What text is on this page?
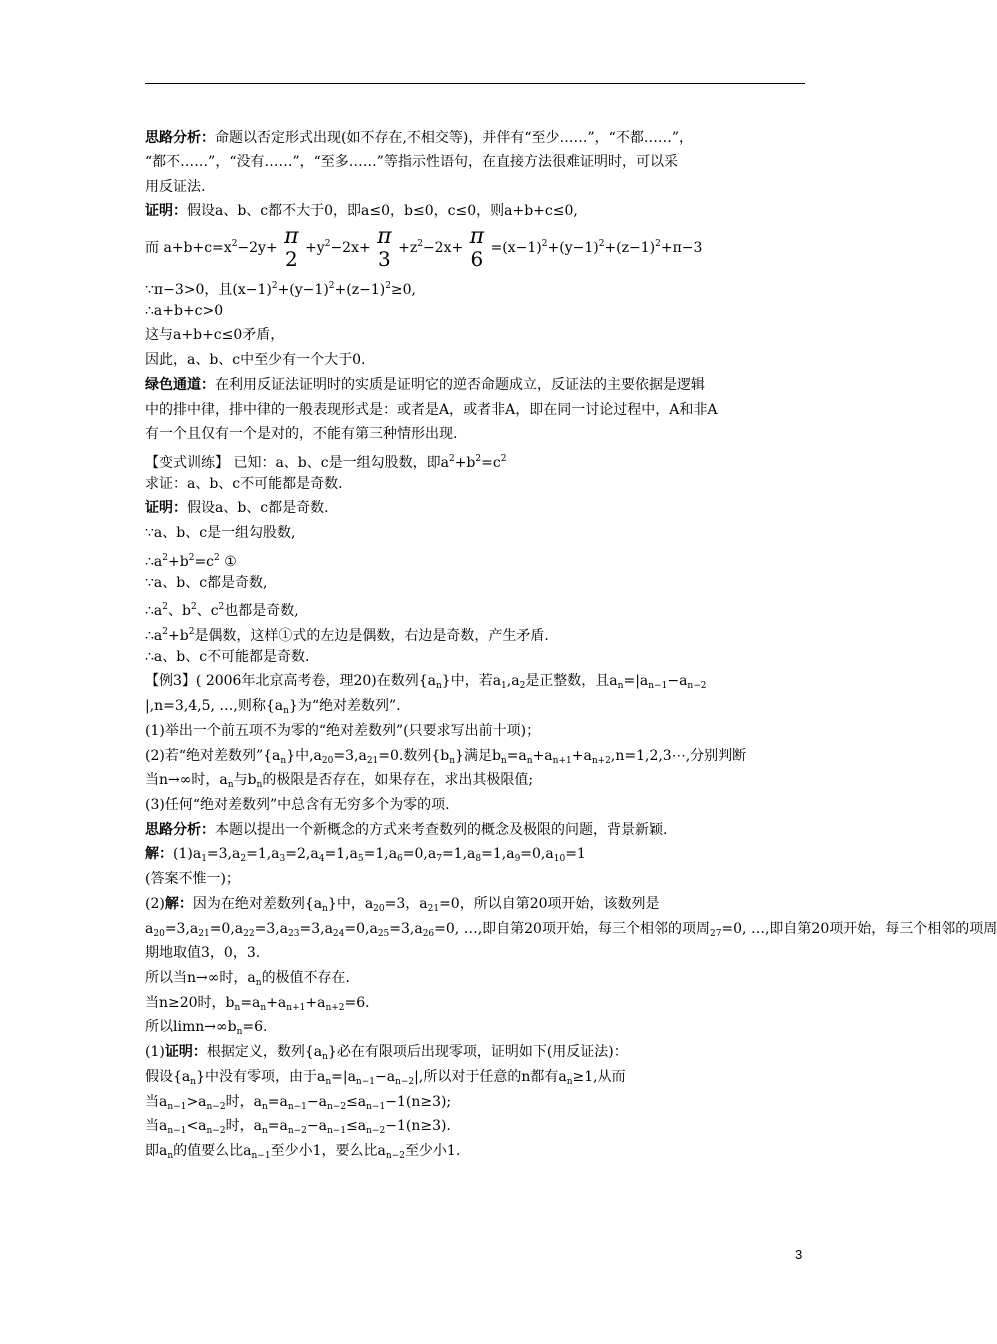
思路分析：命题以否定形式出现(如不存在,不相交等)，并伴有“至少……”，“不都……”，
“都不……”，“没有……”，“至多……”等指示性语句，在直接方法很难证明时，可以采
用反证法.
证明：假设a、b、c都不大于0，即a≤0，b≤0，c≤0，则a+b+c≤0,
而 $a+b+c=x^2-2y+ \pi$
$2 +y^2-2x+ \pi$
$3 +z^2-2x+ \pi$
$6 =(x-1)^2+(y-1)^2+(z-1)^2+\pi-3$
∵π−3>0，且$(x-1)^2+(y-1)^2+(z-1)^2\ge 0$,
∴a+b+c>0
这与a+b+c≤0矛盾，
因此，a、b、c中至少有一个大于0.
绿色通道：在利用反证法证明时的实质是证明它的逆否命题成立，反证法的主要依据是逻辑
中的排中律，排中律的一般表现形式是：或者是A，或者非A，即在同一讨论过程中，A和非A
有一个且仅有一个是对的，不能有第三种情形出现.
【变式训练】 已知：a、b、c是一组勾股数，即$a^2+b^2=c^2$
求证：a、b、c不可能都是奇数.
证明：假设a、b、c都是奇数.
∵a、b、c是一组勾股数,
$\therefore a^2+b^2=c^2$ ①
∵a、b、c都是奇数,
$\therefore a^2$、$b^2$、$c^2$也都是奇数,
$\therefore a^2+b^2$是偶数，这样①式的左边是偶数，右边是奇数，产生矛盾.
∴a、b、c不可能都是奇数.
【例3】( 2006年北京高考卷，理20)在数列$\{a_n\}$中，若$a_1,a_2$是正整数，且$a_n=|a_{n-1}-a_{n-2}$
|,n=3,4,5, …,则称$\{a_n\}$为“绝对差数列”.
(1)举出一个前五项不为零的“绝对差数列”(只要求写出前十项)；
(2)若“绝对差数列$”\{a_n\}$中$,a_{20}=3,a_{21}=0$.数列$\{b_n\}$满足$b_n=a_n+a_{n+1}+a_{n+2},n=1,2,3\cdots$,分别判断
当n→∞时，$a_n$与$b_n$的极限是否存在，如果存在，求出其极限值;
(3)任何“绝对差数列”中总含有无穷多个为零的项.
思路分析：本题以提出一个新概念的方式来考查数列的概念及极限的问题，背景新颖.
解：$(1)a_1=3,a_2=1,a_3=2,a_4=1,a_5=1,a_6=0,a_7=1,a_8=1,a_9=0,a_{10}=1$
(答案不惟一)；
(2)解：因为在绝对差数列$\{a_n\}$中，$a_{20}=3$，$a_{21}=0$，所以自第20项开始，该数列是
$a_{20}=3,a_{21}=0,a_{22}=3,a_{23}=3,a_{24}=0,a_{25}=3,a_{26}=0$, …,即自第20项开始，每三个相邻的项周$_{27}$=0, …,即自第20项开始，每三个相邻的项周
期地取值3，0，3.
所以当n→∞时，$a_n$的极值不存在.
当n≥20时，$b_n=a_n+a_{n+1}+a_{n+2}=6$.
所以$\lim n\to\infty b_n=6$.
(1)证明：根据定义，数列$\{a_n\}$必在有限项后出现零项，证明如下(用反证法)：
假设$\{a_n\}$中没有零项，由于$a_n=|a_{n-1}-a_{n-2}|$,所以对于任意的n都有$a_n\ge 1$,从而
当$a_{n-1}>a_{n-2}$时，$a_n=a_{n-1}-a_{n-2}\le a_{n-1}-1(n\ge 3)$;
当$a_{n-1}<a_{n-2}$时，$a_n=a_{n-2}-a_{n-1}\le a_{n-2}-1(n\ge 3)$.
即$a_n$的值要么比$a_{n-1}$至少小1，要么比$a_{n-2}$至少小1.
3
